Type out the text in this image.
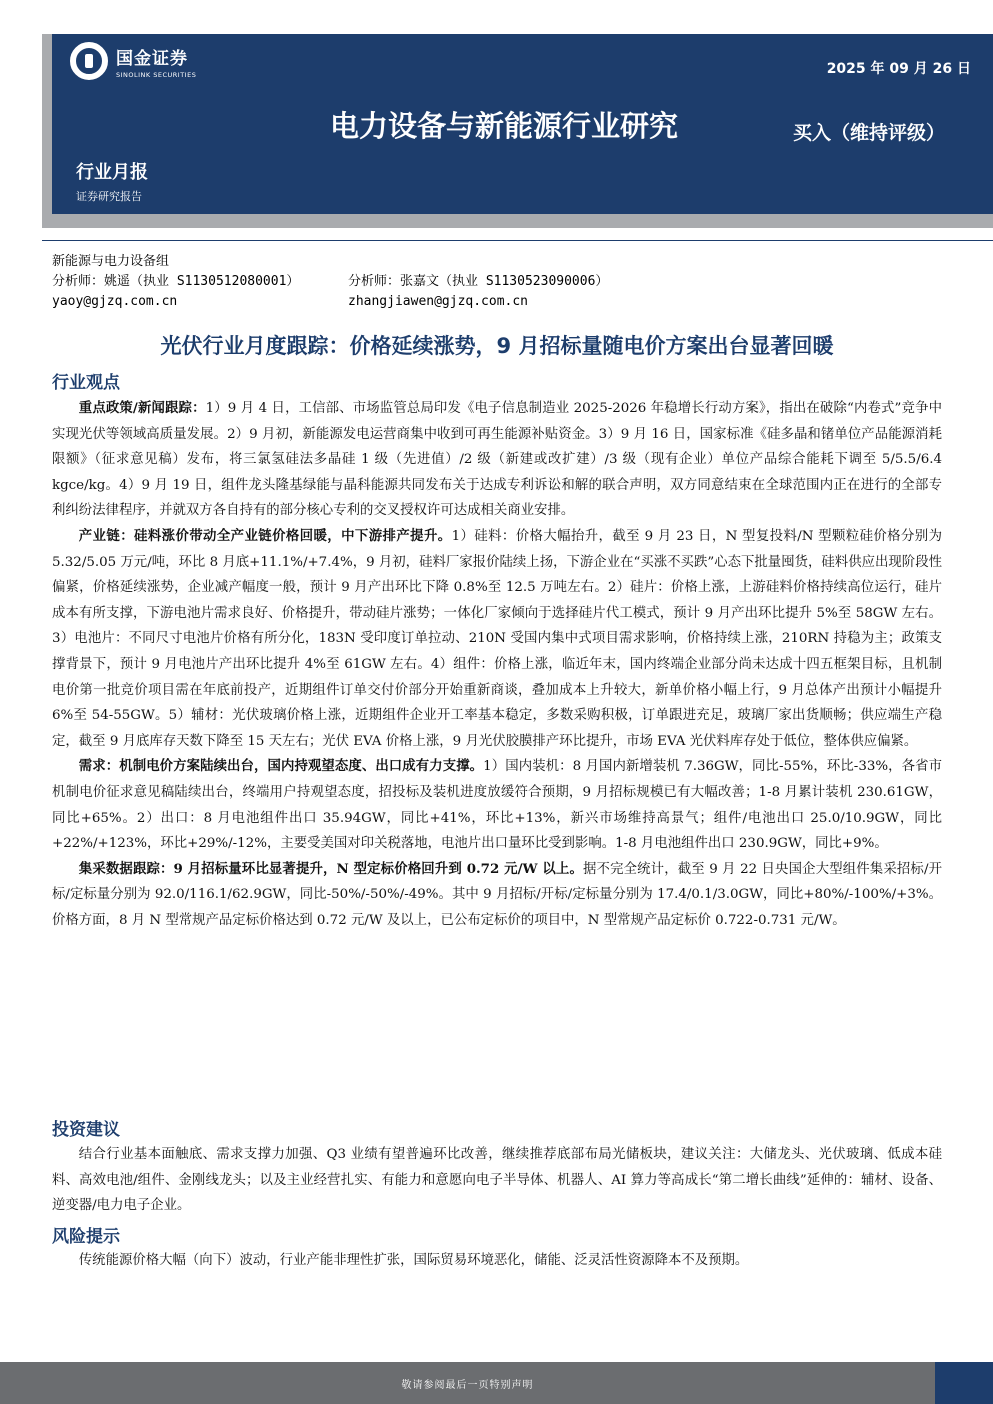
国金证券
SINOLINK SECURITIES	2025 年 09 月 26 日
电力设备与新能源行业研究	买入（维持评级）
行业月报
证券研究报告
新能源与电力设备组
分析师：姚遥（执业 S1130512080001）	分析师：张嘉文（执业 S1130523090006）
yaoy@gjzq.com.cn	zhangjiawen@gjzq.com.cn
光伏行业月度跟踪：价格延续涨势，9 月招标量随电价方案出台显著回暖
行业观点

重点政策/新闻跟踪：1）9 月 4 日，工信部、市场监管总局印发《电子信息制造业 2025-2026 年稳增长行动方案》，指出在破除“内卷式”竞争中实现光伏等领域高质量发展。2）9 月初，新能源发电运营商集中收到可再生能源补贴资金。3）9 月 16 日，国家标准《硅多晶和锗单位产品能源消耗限额》（征求意见稿）发布，将三氯氢硅法多晶硅 1 级（先进值）/2 级（新建或改扩建）/3 级（现有企业）单位产品综合能耗下调至 5/5.5/6.4 kgce/kg。4）9 月 19 日，组件龙头隆基绿能与晶科能源共同发布关于达成专利诉讼和解的联合声明，双方同意结束在全球范围内正在进行的全部专利纠纷法律程序，并就双方各自持有的部分核心专利的交叉授权许可达成相关商业安排。

产业链：硅料涨价带动全产业链价格回暖，中下游排产提升。1）硅料：价格大幅抬升，截至 9 月 23 日，N 型复投料/N 型颗粒硅价格分别为 5.32/5.05 万元/吨，环比 8 月底+11.1%/+7.4%，9 月初，硅料厂家报价陆续上扬，下游企业在“买涨不买跌”心态下批量囤货，硅料供应出现阶段性偏紧，价格延续涨势，企业减产幅度一般，预计 9 月产出环比下降 0.8%至 12.5 万吨左右。2）硅片：价格上涨，上游硅料价格持续高位运行，硅片成本有所支撑，下游电池片需求良好、价格提升，带动硅片涨势；一体化厂家倾向于选择硅片代工模式，预计 9 月产出环比提升 5%至 58GW 左右。3）电池片：不同尺寸电池片价格有所分化，183N 受印度订单拉动、210N 受国内集中式项目需求影响，价格持续上涨，210RN 持稳为主；政策支撑背景下，预计 9 月电池片产出环比提升 4%至 61GW 左右。4）组件：价格上涨，临近年末，国内终端企业部分尚未达成十四五框架目标，且机制电价第一批竞价项目需在年底前投产，近期组件订单交付价部分开始重新商谈，叠加成本上升较大，新单价格小幅上行，9 月总体产出预计小幅提升 6%至 54-55GW。5）辅材：光伏玻璃价格上涨，近期组件企业开工率基本稳定，多数采购积极，订单跟进充足，玻璃厂家出货顺畅；供应端生产稳定，截至 9 月底库存天数下降至 15 天左右；光伏 EVA 价格上涨，9 月光伏胶膜排产环比提升，市场 EVA 光伏料库存处于低位，整体供应偏紧。

需求：机制电价方案陆续出台，国内持观望态度、出口成有力支撑。1）国内装机：8 月国内新增装机 7.36GW，同比-55%，环比-33%，各省市机制电价征求意见稿陆续出台，终端用户持观望态度，招投标及装机进度放缓符合预期，9 月招标规模已有大幅改善；1-8 月累计装机 230.61GW，同比+65%。2）出口：8 月电池组件出口 35.94GW，同比+41%，环比+13%，新兴市场维持高景气；组件/电池出口 25.0/10.9GW，同比+22%/+123%，环比+29%/-12%，主要受美国对印关税落地，电池片出口量环比受到影响。1-8 月电池组件出口 230.9GW，同比+9%。

集采数据跟踪：9 月招标量环比显著提升，N 型定标价格回升到 0.72 元/W 以上。据不完全统计，截至 9 月 22 日央国企大型组件集采招标/开标/定标量分别为 92.0/116.1/62.9GW，同比-50%/-50%/-49%。其中 9 月招标/开标/定标量分别为 17.4/0.1/3.0GW，同比+80%/-100%/+3%。价格方面，8 月 N 型常规产品定标价格达到 0.72 元/W 及以上，已公布定标价的项目中，N 型常规产品定标价 0.722-0.731 元/W。

投资建议

结合行业基本面触底、需求支撑力加强、Q3 业绩有望普遍环比改善，继续推荐底部布局光储板块，建议关注：大储龙头、光伏玻璃、低成本硅料、高效电池/组件、金刚线龙头；以及主业经营扎实、有能力和意愿向电子半导体、机器人、AI 算力等高成长“第二增长曲线”延伸的：辅材、设备、逆变器/电力电子企业。

风险提示

传统能源价格大幅（向下）波动，行业产能非理性扩张，国际贸易环境恶化，储能、泛灵活性资源降本不及预期。

敬请参阅最后一页特别声明
